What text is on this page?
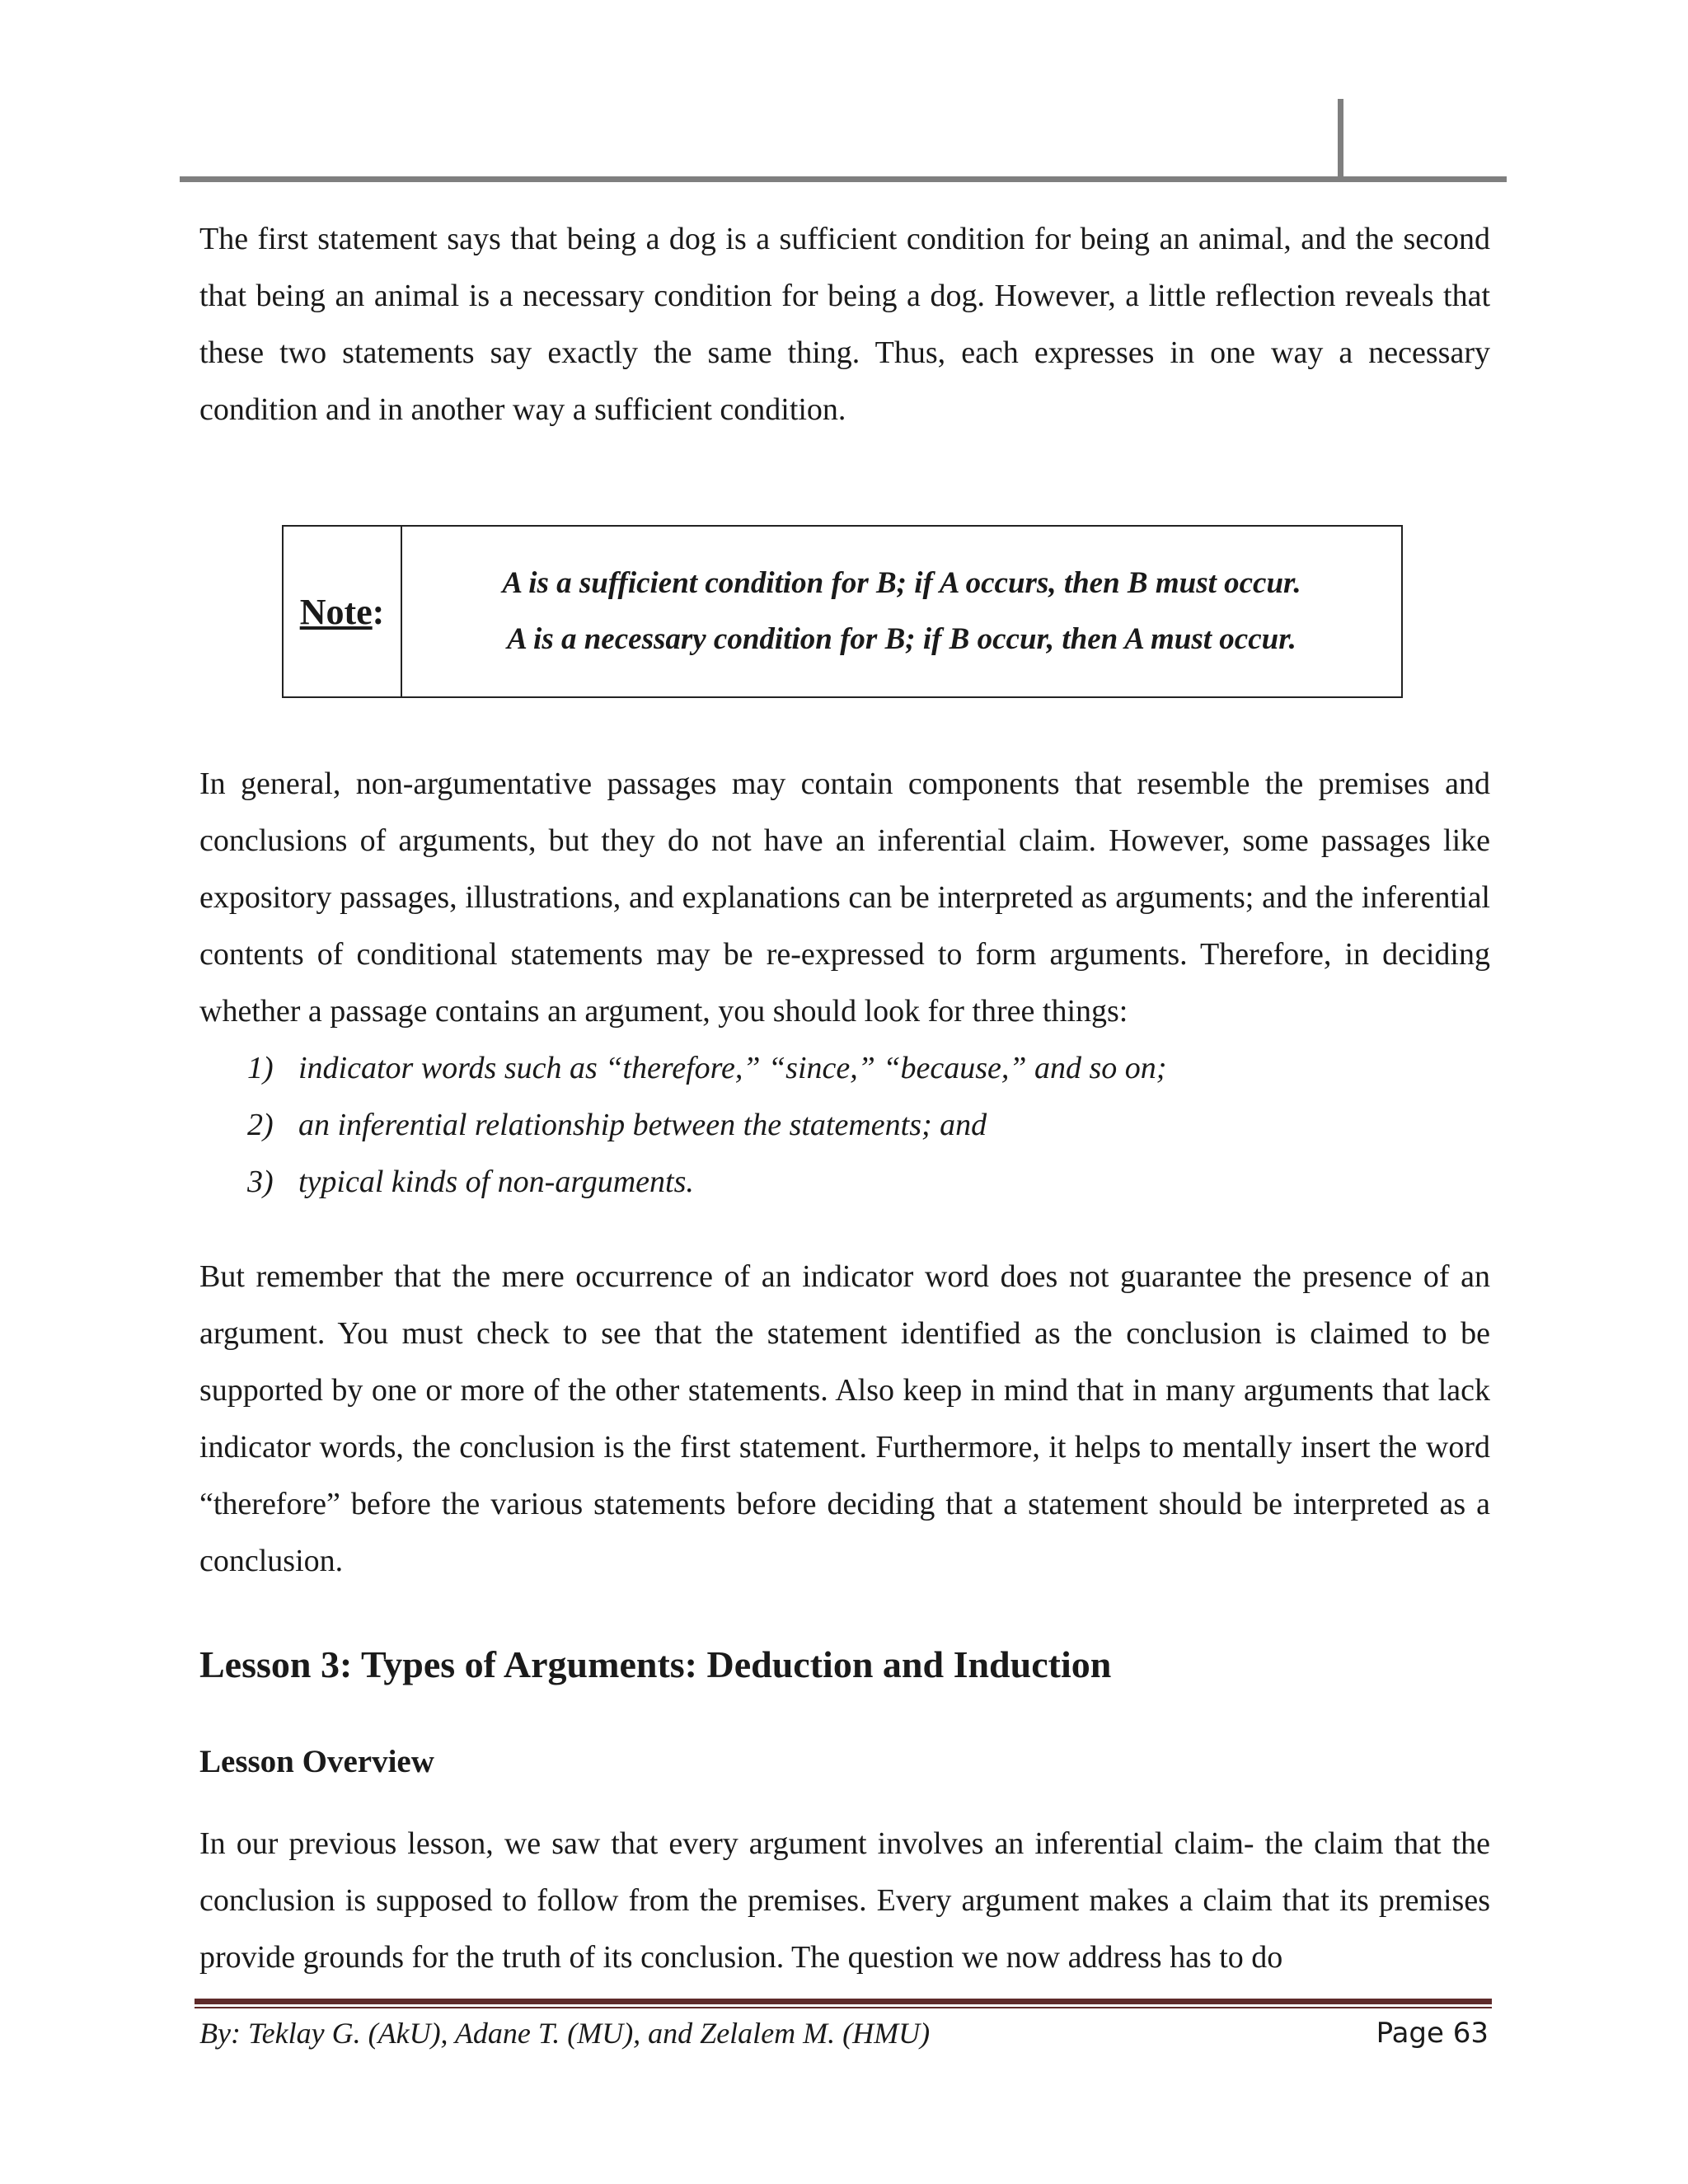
The first statement says that being a dog is a sufficient condition for being an animal, and the second that being an animal is a necessary condition for being a dog. However, a little reflection reveals that these two statements say exactly the same thing. Thus, each expresses in one way a necessary condition and in another way a sufficient condition.

Note :
A is a sufficient condition for B; if A occurs, then B must occur.
A is a necessary condition for B; if B occur, then A must occur.

In general, non-argumentative passages may contain components that resemble the premises and conclusions of arguments, but they do not have an inferential claim. However, some passages like expository passages, illustrations, and explanations can be interpreted as arguments; and the inferential contents of conditional statements may be re-expressed to form arguments. Therefore, in deciding whether a passage contains an argument, you should look for three things:

1) indicator words such as “therefore,” “since,” “because,” and so on;
2) an inferential relationship between the statements; and
3) typical kinds of non-arguments.

But remember that the mere occurrence of an indicator word does not guarantee the presence of an argument. You must check to see that the statement identified as the conclusion is claimed to be supported by one or more of the other statements. Also keep in mind that in many arguments that lack indicator words, the conclusion is the first statement. Furthermore, it helps to mentally insert the word “therefore” before the various statements before deciding that a statement should be interpreted as a conclusion.

Lesson 3: Types of Arguments: Deduction and Induction
Lesson Overview

In our previous lesson, we saw that every argument involves an inferential claim- the claim that the conclusion is supposed to follow from the premises. Every argument makes a claim that its premises provide grounds for the truth of its conclusion. The question we now address has to do

By: Teklay G. (AkU), Adane T. (MU), and Zelalem M. (HMU)	Page 63
